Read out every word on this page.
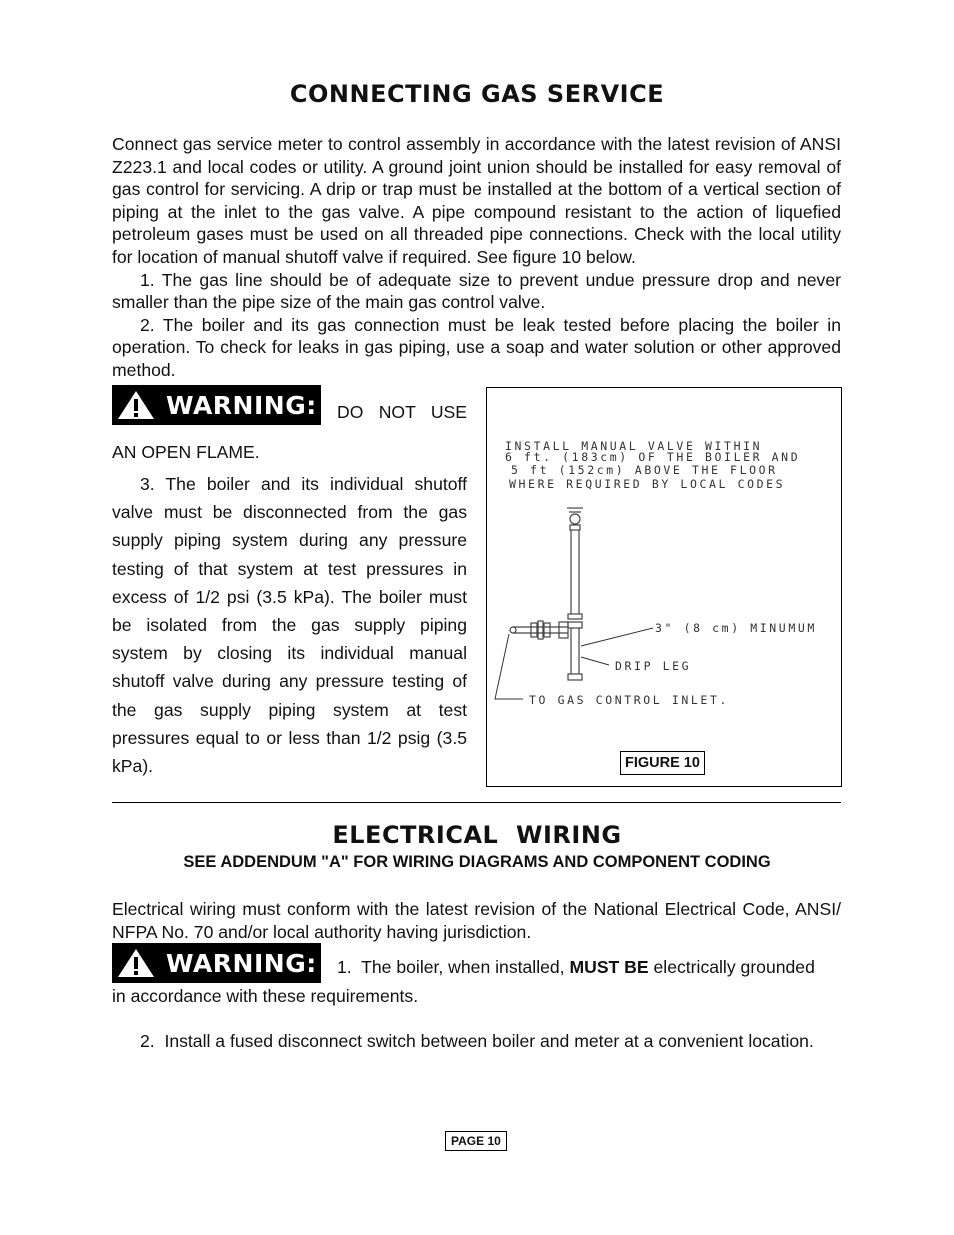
CONNECTING GAS SERVICE

Connect gas service meter to control assembly in accordance with the latest revision of ANSI Z223.1 and local codes or utility. A ground joint union should be installed for easy removal of gas control for servicing. A drip or trap must be installed at the bottom of a vertical section of piping at the inlet to the gas valve. A pipe compound resistant to the action of liquefied petroleum gases must be used on all threaded pipe connections. Check with the local utility for location of manual shutoff valve if required. See figure 10 below.

1. The gas line should be of adequate size to prevent undue pressure drop and never smaller than the pipe size of the main gas control valve.

2. The boiler and its gas connection must be leak tested before placing the boiler in operation. To check for leaks in gas piping, use a soap and water solution or other approved method.

WARNING: DO NOT USE
AN OPEN FLAME.
3. The boiler and its individual shutoff valve must be disconnected from the gas supply piping system during any pressure testing of that system at test pressures in excess of 1/2 psi (3.5 kPa). The boiler must be isolated from the gas supply piping system by closing its individual manual shutoff valve during any pressure testing of the gas supply piping system at test pressures equal to or less than 1/2 psig (3.5 kPa).
INSTALL MANUAL VALVE WITHIN
6 ft. (183cm) OF THE BOILER AND
5 ft (152cm) ABOVE THE FLOOR
WHERE REQUIRED BY LOCAL CODES
3" (8 cm) MINUMUM
DRIP LEG
TO GAS CONTROL INLET.
FIGURE 10
ELECTRICAL  WIRING
SEE ADDENDUM "A" FOR WIRING DIAGRAMS AND COMPONENT CODING
Electrical wiring must conform with the latest revision of the National Electrical Code, ANSI/ NFPA No. 70 and/or local authority having jurisdiction.
WARNING: 1.  The boiler, when installed, MUST BE electrically grounded
in accordance with these requirements.
2.  Install a fused disconnect switch between boiler and meter at a convenient location.
PAGE 10
